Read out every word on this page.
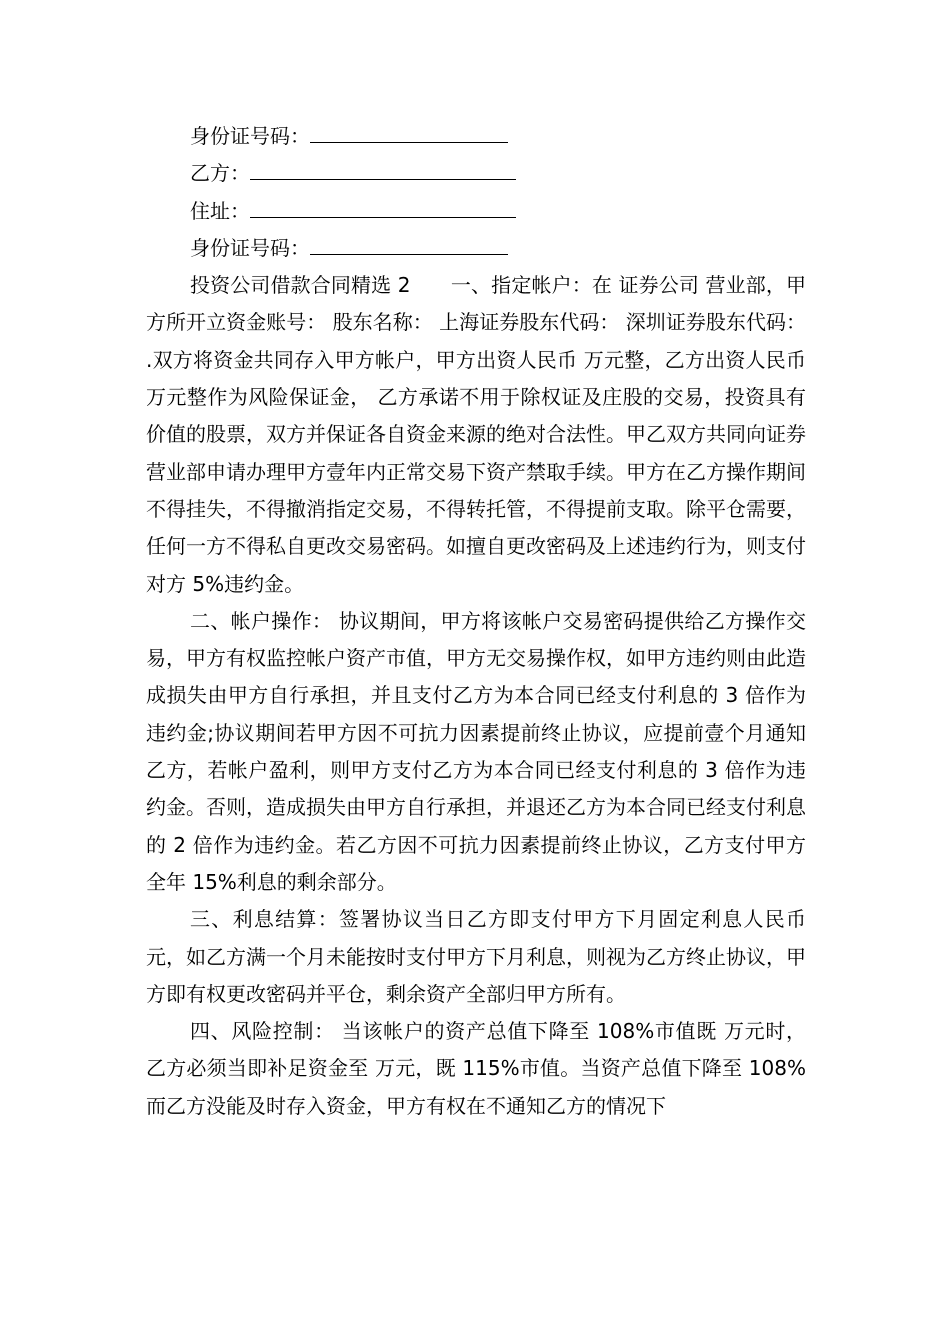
身份证号码：

乙方：

住址：

身份证号码：

投资公司借款合同精选 2　　一、指定帐户：在 证券公司 营业部，甲方所开立资金账号： 股东名称： 上海证券股东代码： 深圳证券股东代码： .双方将资金共同存入甲方帐户，甲方出资人民币 万元整，乙方出资人民币 万元整作为风险保证金， 乙方承诺不用于除权证及庄股的交易，投资具有价值的股票，双方并保证各自资金来源的绝对合法性。甲乙双方共同向证券营业部申请办理甲方壹年内正常交易下资产禁取手续。甲方在乙方操作期间不得挂失，不得撤消指定交易，不得转托管，不得提前支取。除平仓需要，任何一方不得私自更改交易密码。如擅自更改密码及上述违约行为，则支付对方 5%违约金。

二、帐户操作： 协议期间，甲方将该帐户交易密码提供给乙方操作交易，甲方有权监控帐户资产市值，甲方无交易操作权，如甲方违约则由此造成损失由甲方自行承担，并且支付乙方为本合同已经支付利息的 3 倍作为违约金;协议期间若甲方因不可抗力因素提前终止协议，应提前壹个月通知乙方，若帐户盈利，则甲方支付乙方为本合同已经支付利息的 3 倍作为违约金。否则，造成损失由甲方自行承担，并退还乙方为本合同已经支付利息的 2 倍作为违约金。若乙方因不可抗力因素提前终止协议，乙方支付甲方全年 15%利息的剩余部分。

三、利息结算：签署协议当日乙方即支付甲方下月固定利息人民币 元，如乙方满一个月未能按时支付甲方下月利息，则视为乙方终止协议，甲方即有权更改密码并平仓，剩余资产全部归甲方所有。

四、风险控制： 当该帐户的资产总值下降至 108%市值既 万元时，乙方必须当即补足资金至 万元，既 115%市值。当资产总值下降至 108%而乙方没能及时存入资金，甲方有权在不通知乙方的情况下
